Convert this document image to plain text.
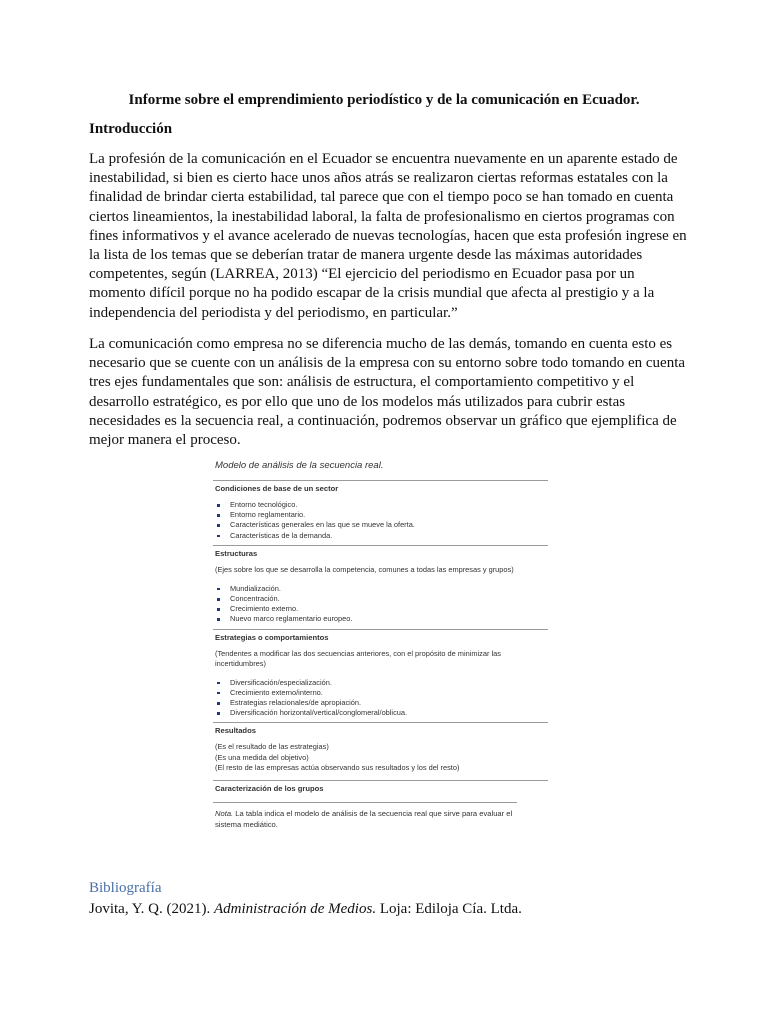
Informe sobre el emprendimiento periodístico y de la comunicación en Ecuador.
Introducción
La profesión de la comunicación en el Ecuador se encuentra nuevamente en un aparente estado de inestabilidad, si bien es cierto hace unos años atrás se realizaron ciertas reformas estatales con la finalidad de brindar cierta estabilidad, tal parece que con el tiempo poco se han tomado en cuenta ciertos lineamientos, la inestabilidad laboral, la falta de profesionalismo en ciertos programas con fines informativos y el avance acelerado de nuevas tecnologías, hacen que esta profesión ingrese en la lista de los temas que se deberían tratar de manera urgente desde las máximas autoridades competentes, según (LARREA, 2013) “El ejercicio del periodismo en Ecuador pasa por un momento difícil porque no ha podido escapar de la crisis mundial que afecta al prestigio y a la independencia del periodista y del periodismo, en particular.”
La comunicación como empresa no se diferencia mucho de las demás, tomando en cuenta esto es necesario que se cuente con un análisis de la empresa con su entorno sobre todo tomando en cuenta tres ejes fundamentales que son: análisis de estructura, el comportamiento competitivo y el desarrollo estratégico, es por ello que uno de los modelos más utilizados para cubrir estas necesidades es la secuencia real, a continuación, podremos observar un gráfico que ejemplifica de mejor manera el proceso.
Modelo de análisis de la secuencia real.
Condiciones de base de un sector
Entorno tecnológico.
Entorno reglamentario.
Características generales en las que se mueve la oferta.
Características de la demanda.
Estructuras
(Ejes sobre los que se desarrolla la competencia, comunes a todas las empresas y grupos)
Mundialización.
Concentración.
Crecimiento externo.
Nuevo marco reglamentario europeo.
Estrategias o comportamientos
(Tendentes a modificar las dos secuencias anteriores, con el propósito de minimizar las incertidumbres)
Diversificación/especialización.
Crecimiento externo/interno.
Estrategias relacionales/de apropiación.
Diversificación horizontal/vertical/conglomeral/oblicua.
Resultados
(Es el resultado de las estrategias)
(Es una medida del objetivo)
(El resto de las empresas actúa observando sus resultados y los del resto)
Caracterización de los grupos
Nota. La tabla indica el modelo de análisis de la secuencia real que sirve para evaluar el sistema mediático.
Bibliografía
Jovita, Y. Q. (2021). Administración de Medios. Loja: Ediloja Cía. Ltda.
